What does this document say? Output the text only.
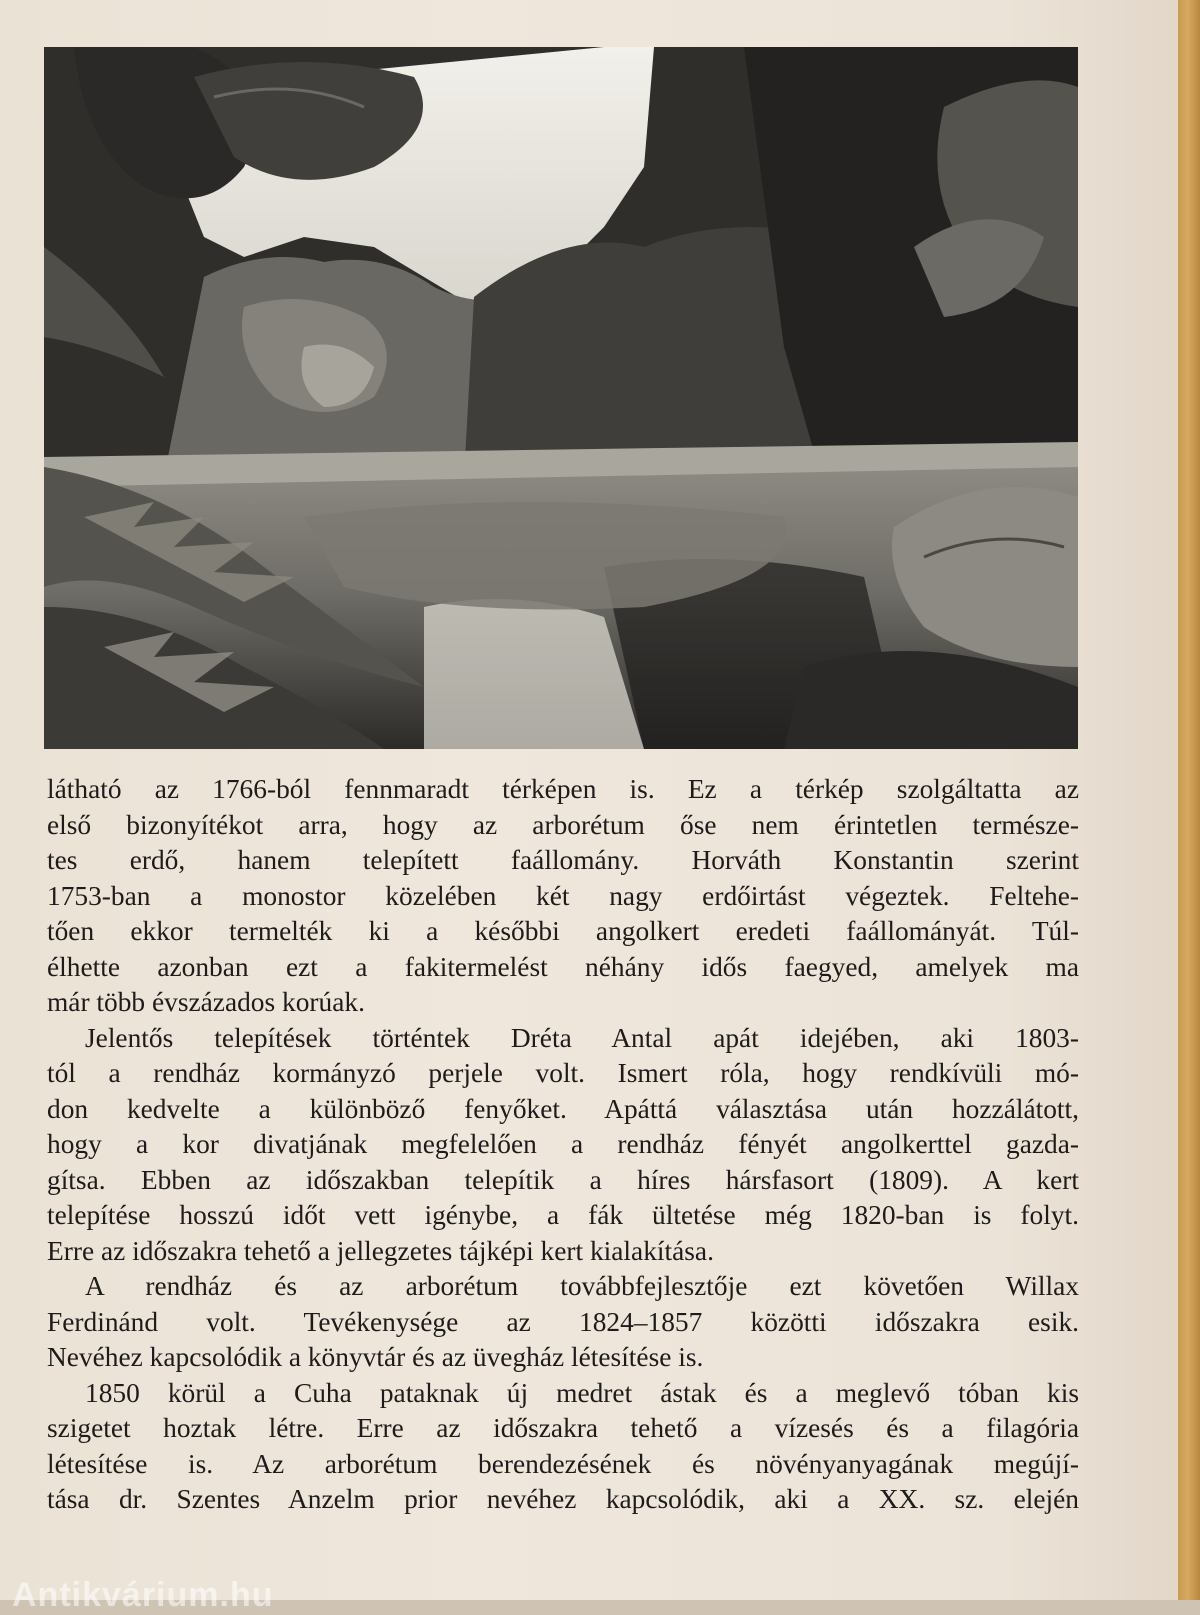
látható az 1766-ból fennmaradt térképen is. Ez a térkép szolgáltatta az
első bizonyítékot arra, hogy az arborétum őse nem érintetlen természe-
tes erdő, hanem telepített faállomány. Horváth Konstantin szerint
1753-ban a monostor közelében két nagy erdőirtást végeztek. Feltehe-
tően ekkor termelték ki a későbbi angolkert eredeti faállományát. Túl-
élhette azonban ezt a fakitermelést néhány idős faegyed, amelyek ma
már több évszázados korúak.

Jelentős telepítések történtek Dréta Antal apát idejében, aki 1803-
tól a rendház kormányzó perjele volt. Ismert róla, hogy rendkívüli mó-
don kedvelte a különböző fenyőket. Apáttá választása után hozzálátott,
hogy a kor divatjának megfelelően a rendház fényét angolkerttel gazda-
gítsa. Ebben az időszakban telepítik a híres hársfasort (1809). A kert
telepítése hosszú időt vett igénybe, a fák ültetése még 1820-ban is folyt.
Erre az időszakra tehető a jellegzetes tájképi kert kialakítása.

A rendház és az arborétum továbbfejlesztője ezt követően Willax
Ferdinánd volt. Tevékenysége az 1824–1857 közötti időszakra esik.
Nevéhez kapcsolódik a könyvtár és az üvegház létesítése is.

1850 körül a Cuha pataknak új medret ástak és a meglevő tóban kis
szigetet hoztak létre. Erre az időszakra tehető a vízesés és a filagória
létesítése is. Az arborétum berendezésének és növényanyagának megújí-
tása dr. Szentes Anzelm prior nevéhez kapcsolódik, aki a XX. sz. elején

Antikvárium.hu
